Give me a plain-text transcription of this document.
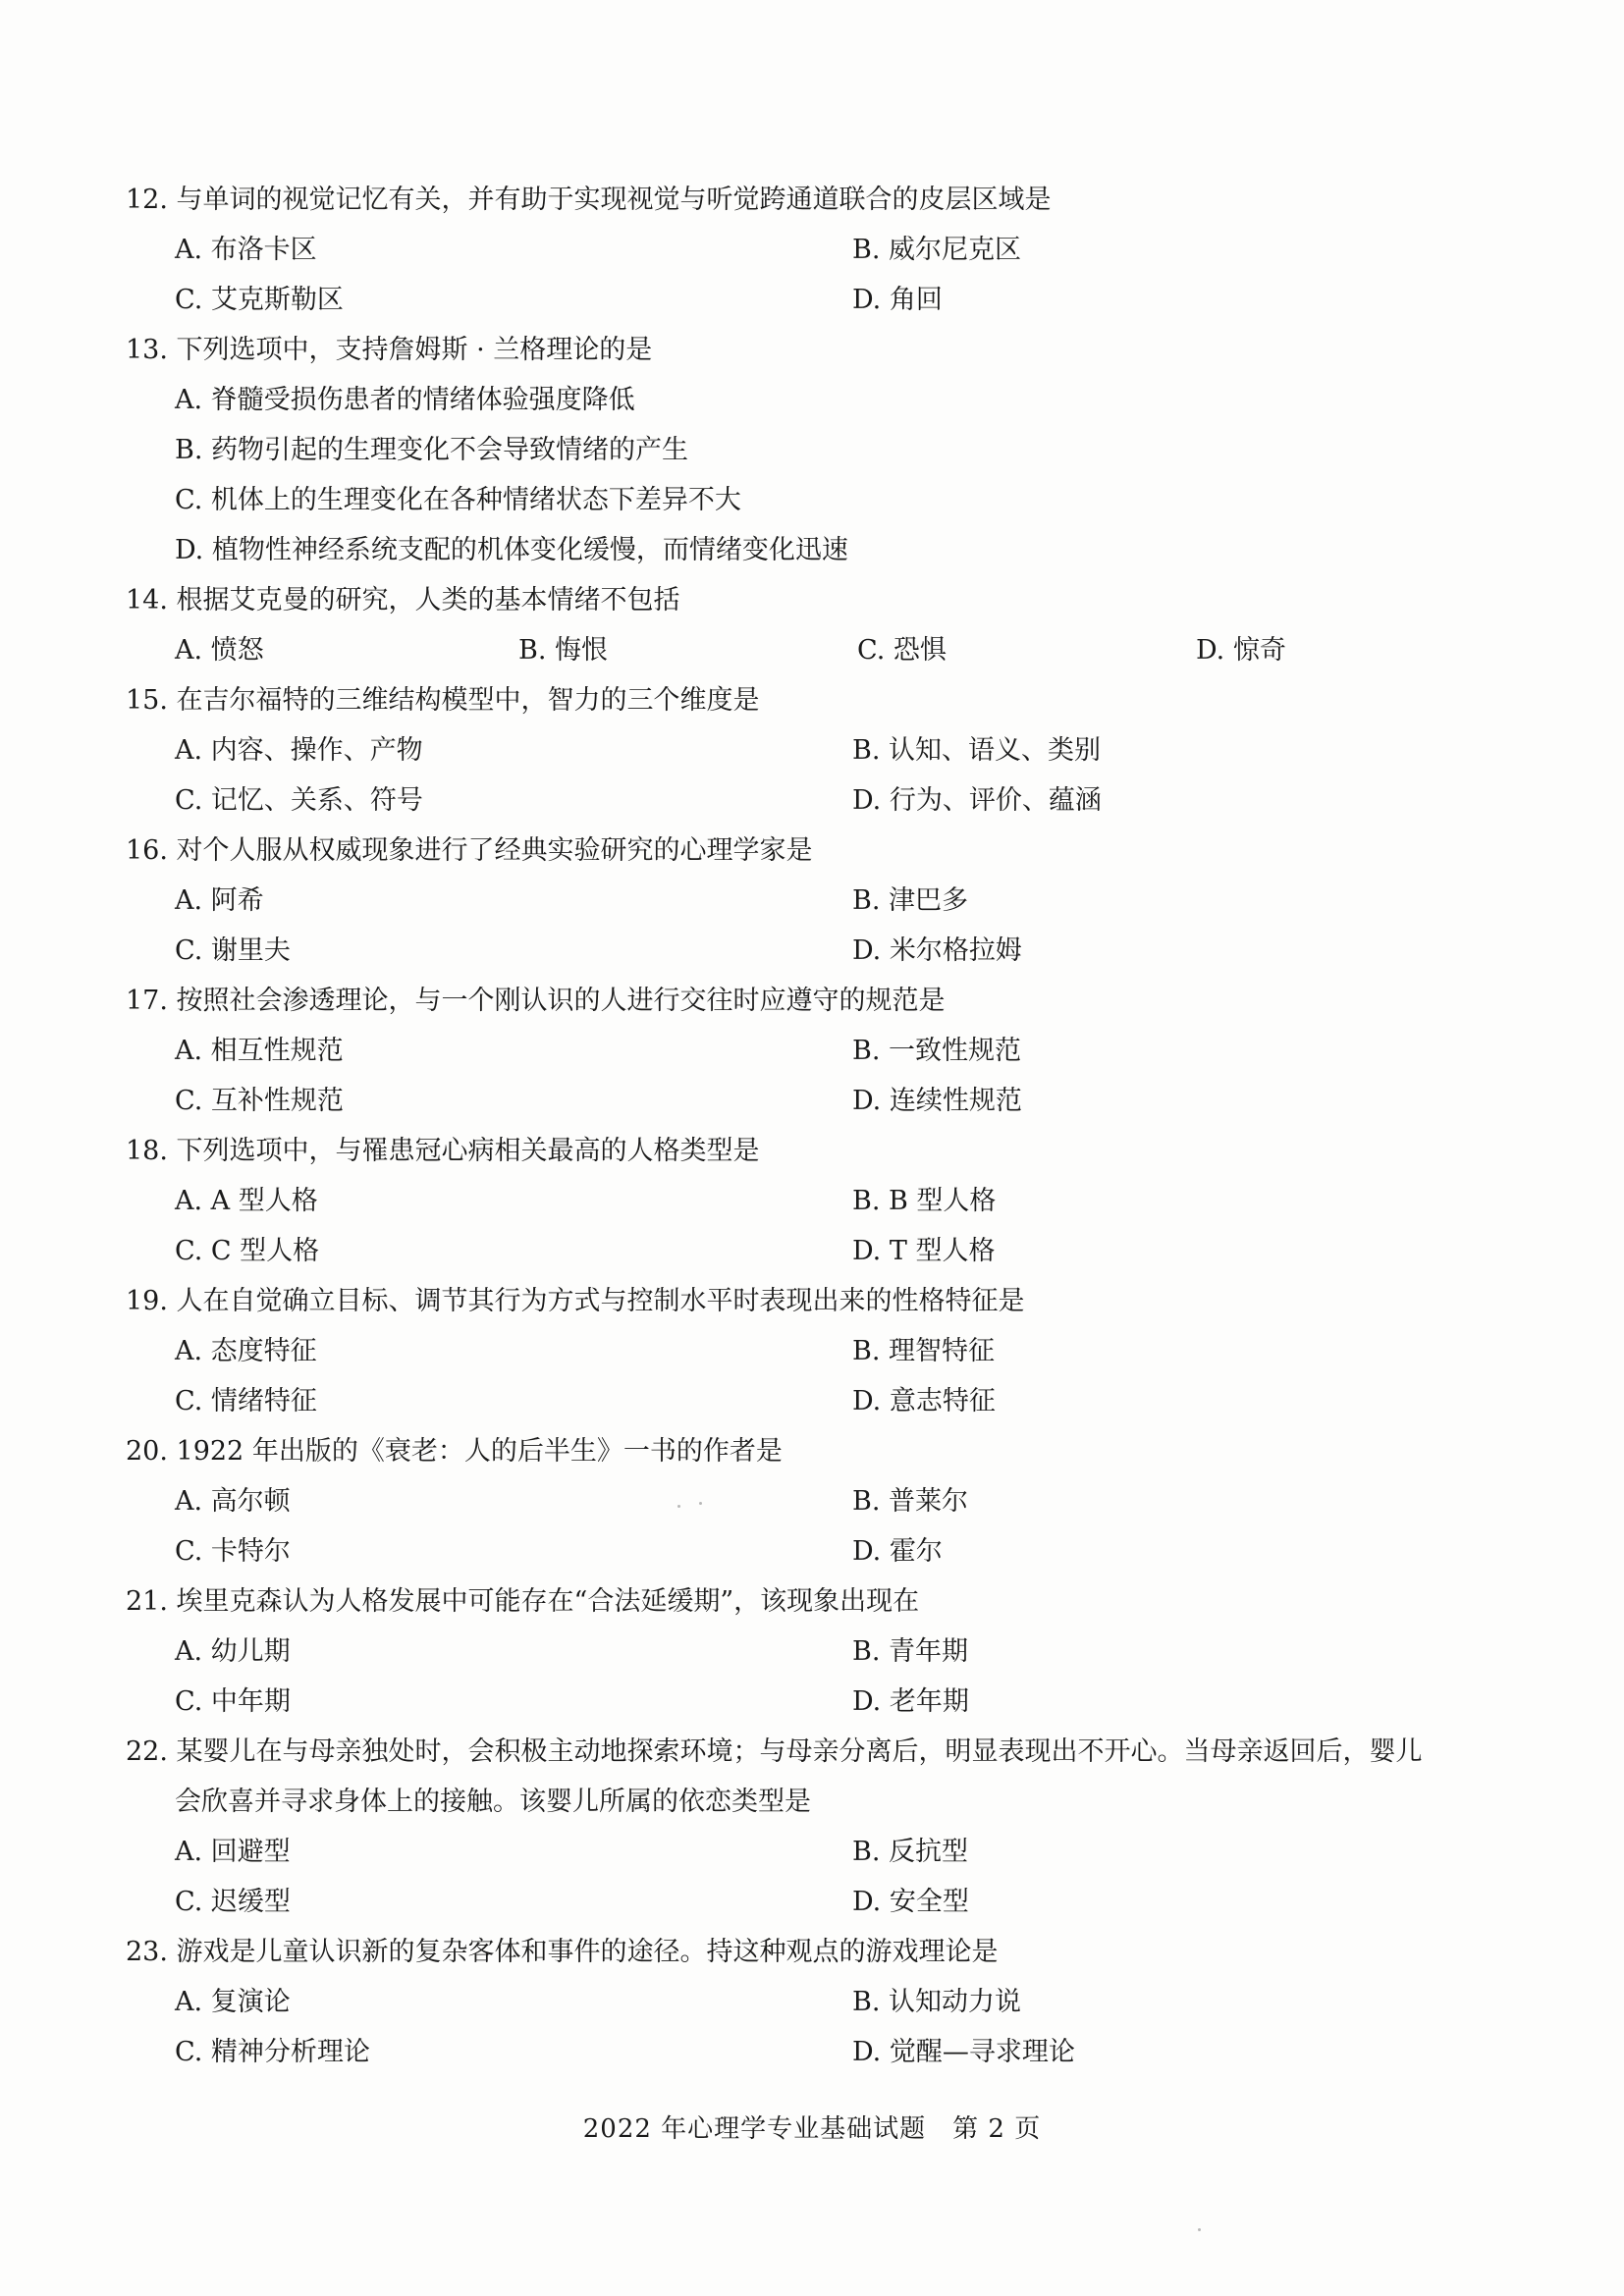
12. 与单词的视觉记忆有关，并有助于实现视觉与听觉跨通道联合的皮层区域是
A. 布洛卡区	B. 威尔尼克区
C. 艾克斯勒区	D. 角回
13. 下列选项中，支持詹姆斯 · 兰格理论的是
A. 脊髓受损伤患者的情绪体验强度降低
B. 药物引起的生理变化不会导致情绪的产生
C. 机体上的生理变化在各种情绪状态下差异不大
D. 植物性神经系统支配的机体变化缓慢，而情绪变化迅速
14. 根据艾克曼的研究，人类的基本情绪不包括
A. 愤怒	B. 悔恨	C. 恐惧	D. 惊奇
15. 在吉尔福特的三维结构模型中，智力的三个维度是
A. 内容、操作、产物	B. 认知、语义、类别
C. 记忆、关系、符号	D. 行为、评价、蕴涵
16. 对个人服从权威现象进行了经典实验研究的心理学家是
A. 阿希	B. 津巴多
C. 谢里夫	D. 米尔格拉姆
17. 按照社会渗透理论，与一个刚认识的人进行交往时应遵守的规范是
A. 相互性规范	B. 一致性规范
C. 互补性规范	D. 连续性规范
18. 下列选项中，与罹患冠心病相关最高的人格类型是
A. A 型人格	B. B 型人格
C. C 型人格	D. T 型人格
19. 人在自觉确立目标、调节其行为方式与控制水平时表现出来的性格特征是
A. 态度特征	B. 理智特征
C. 情绪特征	D. 意志特征
20. 1922 年出版的《衰老：人的后半生》一书的作者是
A. 高尔顿	B. 普莱尔
C. 卡特尔	D. 霍尔
21. 埃里克森认为人格发展中可能存在“合法延缓期”，该现象出现在
A. 幼儿期	B. 青年期
C. 中年期	D. 老年期
22. 某婴儿在与母亲独处时，会积极主动地探索环境；与母亲分离后，明显表现出不开心。当母亲返回后，婴儿
会欣喜并寻求身体上的接触。该婴儿所属的依恋类型是
A. 回避型	B. 反抗型
C. 迟缓型	D. 安全型
23. 游戏是儿童认识新的复杂客体和事件的途径。持这种观点的游戏理论是
A. 复演论	B. 认知动力说
C. 精神分析理论	D. 觉醒—寻求理论
2022 年心理学专业基础试题　第 2 页
